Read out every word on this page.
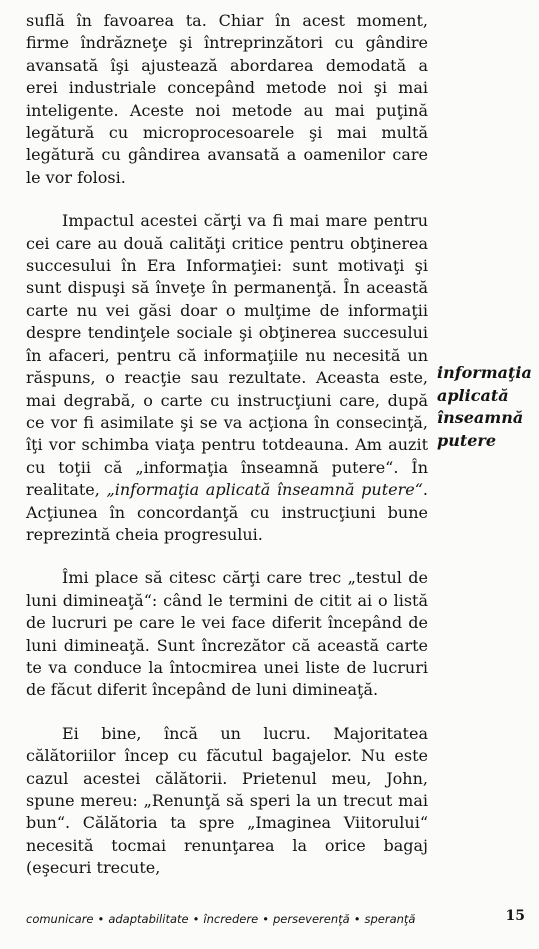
suflă în favoarea ta. Chiar în acest moment, firme îndrăzneţe şi întreprinzători cu gândire avansată îşi ajustează abordarea demodată a erei industriale concepând metode noi şi mai inteligente. Aceste noi metode au mai puţină legătură cu microprocesoarele şi mai multă legătură cu gândirea avansată a oamenilor care le vor folosi.

Impactul acestei cărţi va fi mai mare pentru cei care au două calităţi critice pentru obţinerea succesului în Era Informaţiei: sunt motivaţi şi sunt dispuşi să înveţe în permanenţă. În această carte nu vei găsi doar o mulţime de informaţii despre tendinţele sociale şi obţinerea succesului în afaceri, pentru că informaţiile nu necesită un răspuns, o reacţie sau rezultate. Aceasta este, mai degrabă, o carte cu instrucţiuni care, după ce vor fi asimilate şi se va acţiona în consecinţă, îţi vor schimba viaţa pentru totdeauna. Am auzit cu toţii că „informaţia înseamnă putere“. În realitate, „informaţia aplicată înseamnă putere“. Acţiunea în concordanţă cu instrucţiuni bune reprezintă cheia progresului.

Îmi place să citesc cărţi care trec „testul de luni dimineaţă“: când le termini de citit ai o listă de lucruri pe care le vei face diferit începând de luni dimineaţă. Sunt încrezător că această carte te va conduce la întocmirea unei liste de lucruri de făcut diferit începând de luni dimineaţă.

Ei bine, încă un lucru. Majoritatea călătoriilor încep cu făcutul bagajelor. Nu este cazul acestei călătorii. Prietenul meu, John, spune mereu: „Renunţă să speri la un trecut mai bun“. Călătoria ta spre „Imaginea Viitorului“ necesită tocmai renunţarea la orice bagaj (eşecuri trecute,

informaţia
aplicată
înseamnă
putere
comunicare • adaptabilitate • încredere • perseverenţă • speranţă	15
